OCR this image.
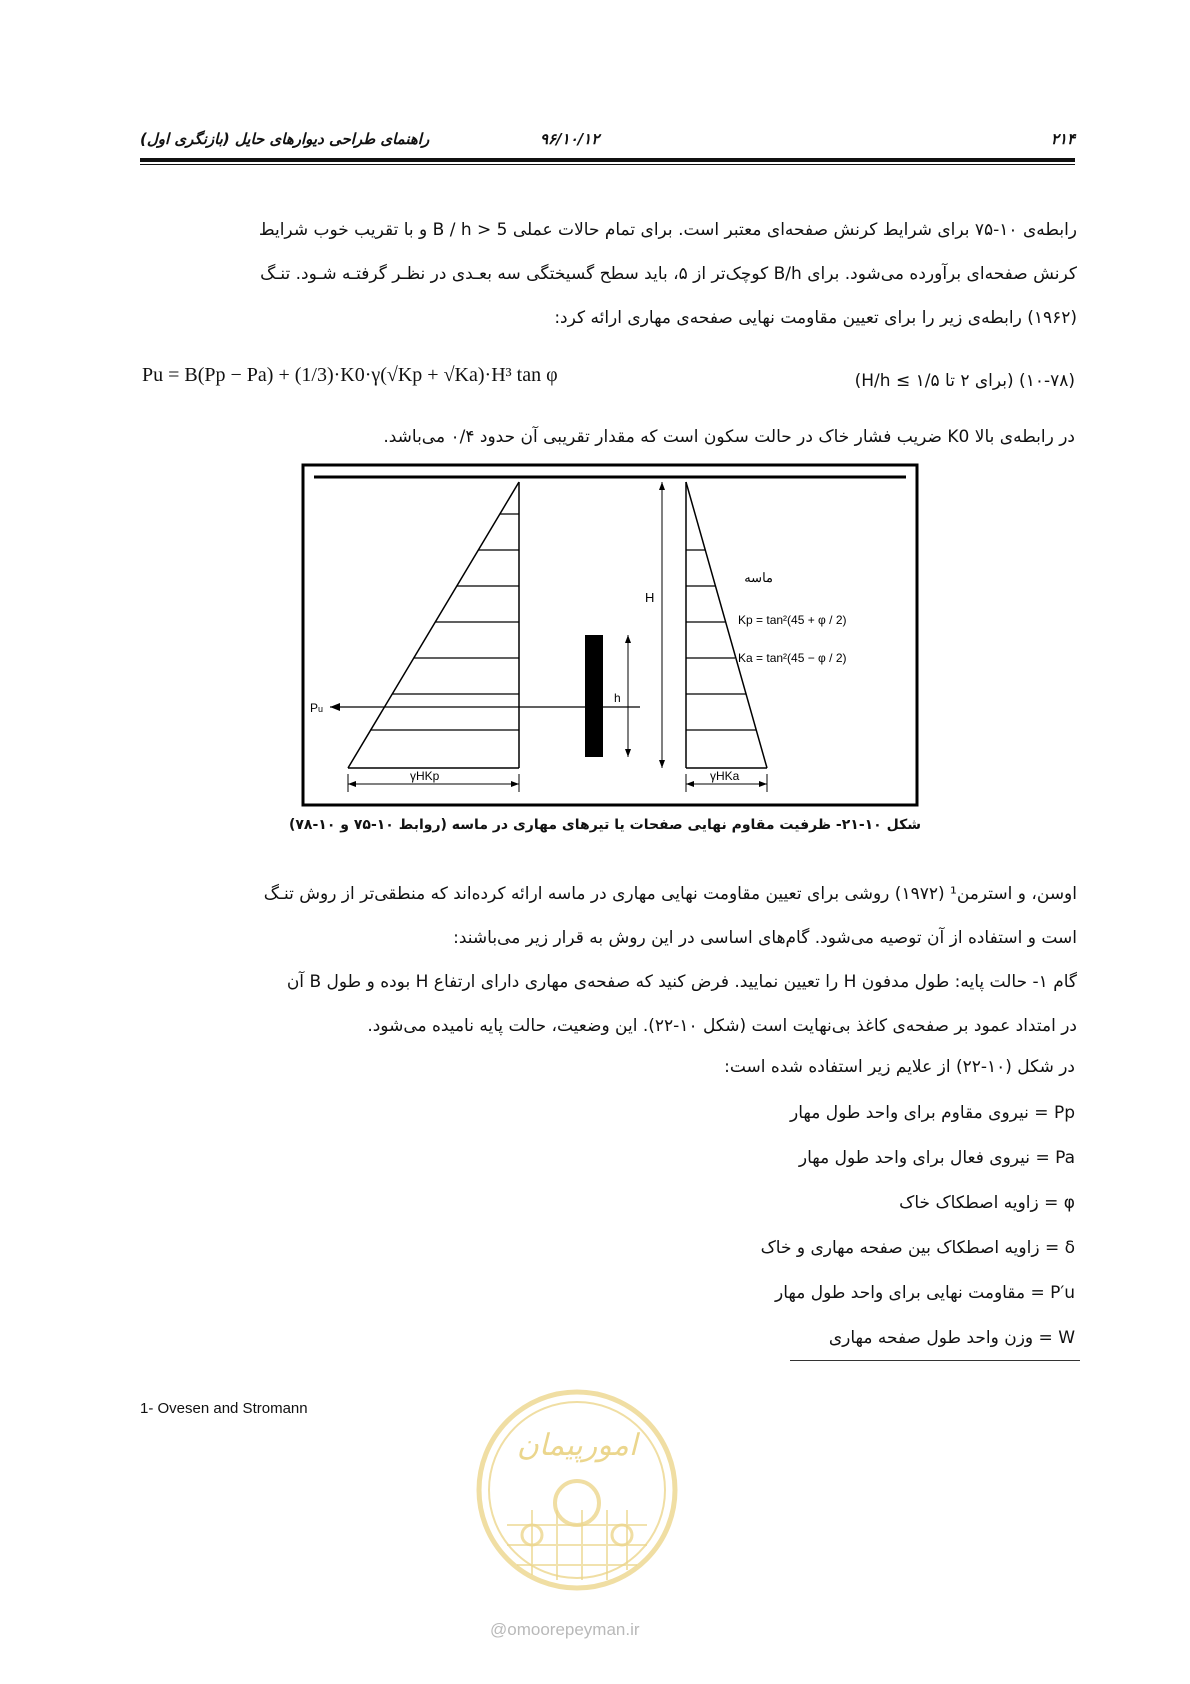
۲۱۴
۹۶/۱۰/۱۲
راهنمای طراحی دیوارهای حایل (بازنگری اول)
رابطه‌ی ۱۰-۷۵ برای شرایط کرنش صفحه‌ای معتبر است. برای تمام حالات عملی B / h > 5 و با تقریب خوب شرایط
کرنش صفحه‌ای برآورده می‌شود. برای B/h کوچک‌تر از ۵، باید سطح گسیختگی سه بعـدی در نظـر گرفتـه شـود. تنـگ
(۱۹۶۲) رابطه‌ی زیر را برای تعیین مقاومت نهایی صفحه‌ی مهاری ارائه کرد:
Pu = B(Pp − Pa) + (1/3)·K0·γ(√Kp + √Ka)·H³ tan φ	(۱۰-۷۸) (برای ۲ تا ۱/۵ ≥ H/h)
در رابطه‌ی بالا K0 ضریب فشار خاک در حالت سکون است که مقدار تقریبی آن حدود ۰/۴ می‌باشد.
Pu
h
H
ماسه
Kp = tan²(45 + φ / 2)
Ka = tan²(45 − φ / 2)
γHKp	γHKa
شکل ۱۰-۲۱- ظرفیت مقاوم نهایی صفحات یا تیرهای مهاری در ماسه (روابط ۱۰-۷۵ و ۱۰-۷۸)
اوسن، و استرمن¹ (۱۹۷۲) روشی برای تعیین مقاومت نهایی مهاری در ماسه ارائه کرده‌اند که منطقی‌تر از روش تنـگ
است و استفاده از آن توصیه می‌شود. گام‌های اساسی در این روش به قرار زیر می‌باشند:
گام ۱- حالت پایه: طول مدفون H را تعیین نمایید. فرض کنید که صفحه‌ی مهاری دارای ارتفاع H بوده و طول B آن
در امتداد عمود بر صفحه‌ی کاغذ بی‌نهایت است (شکل ۱۰-۲۲). این وضعیت، حالت پایه نامیده می‌شود.
در شکل (۱۰-۲۲) از علایم زیر استفاده شده است:
Pp = نیروی مقاوم برای واحد طول مهار
Pa = نیروی فعال برای واحد طول مهار
φ = زاویه اصطکاک خاک
δ = زاویه اصطکاک بین صفحه مهاری و خاک
P′u = مقاومت نهایی برای واحد طول مهار
W = وزن واحد طول صفحه مهاری
1- Ovesen and Stromann
امورپیمان
@omoorepeyman.ir
